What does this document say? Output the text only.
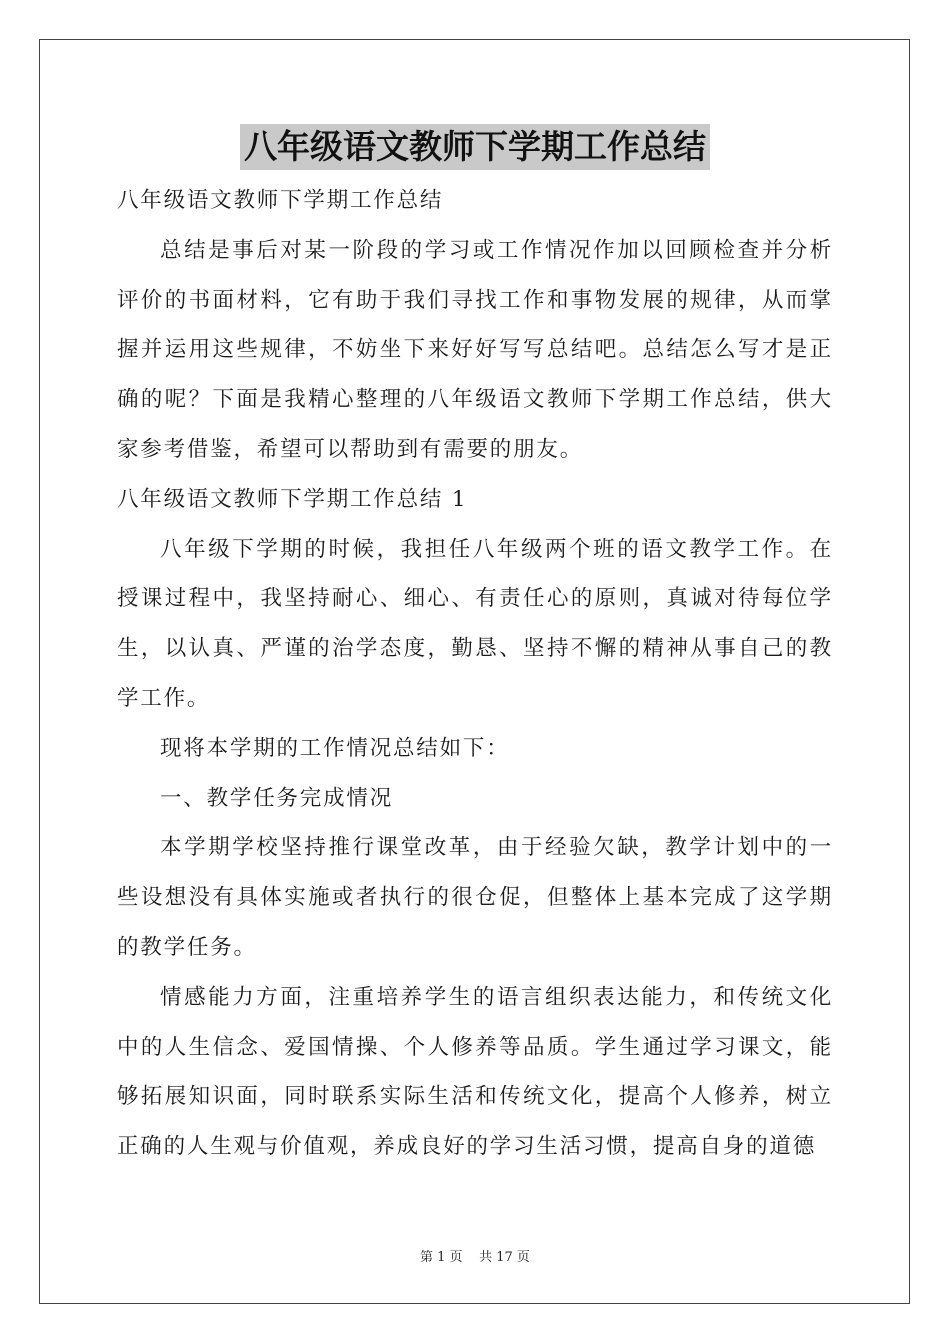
八年级语文教师下学期工作总结

八年级语文教师下学期工作总结

总结是事后对某一阶段的学习或工作情况作加以回顾检查并分析评价的书面材料，它有助于我们寻找工作和事物发展的规律，从而掌握并运用这些规律，不妨坐下来好好写写总结吧。总结怎么写才是正确的呢？下面是我精心整理的八年级语文教师下学期工作总结，供大家参考借鉴，希望可以帮助到有需要的朋友。

八年级语文教师下学期工作总结 1

八年级下学期的时候，我担任八年级两个班的语文教学工作。在授课过程中，我坚持耐心、细心、有责任心的原则，真诚对待每位学生，以认真、严谨的治学态度，勤恳、坚持不懈的精神从事自己的教学工作。

现将本学期的工作情况总结如下：

一、教学任务完成情况

本学期学校坚持推行课堂改革，由于经验欠缺，教学计划中的一些设想没有具体实施或者执行的很仓促，但整体上基本完成了这学期的教学任务。

情感能力方面，注重培养学生的语言组织表达能力，和传统文化中的人生信念、爱国情操、个人修养等品质。学生通过学习课文，能够拓展知识面，同时联系实际生活和传统文化，提高个人修养，树立正确的人生观与价值观，养成良好的学习生活习惯，提高自身的道德

第 1 页 共 17 页
